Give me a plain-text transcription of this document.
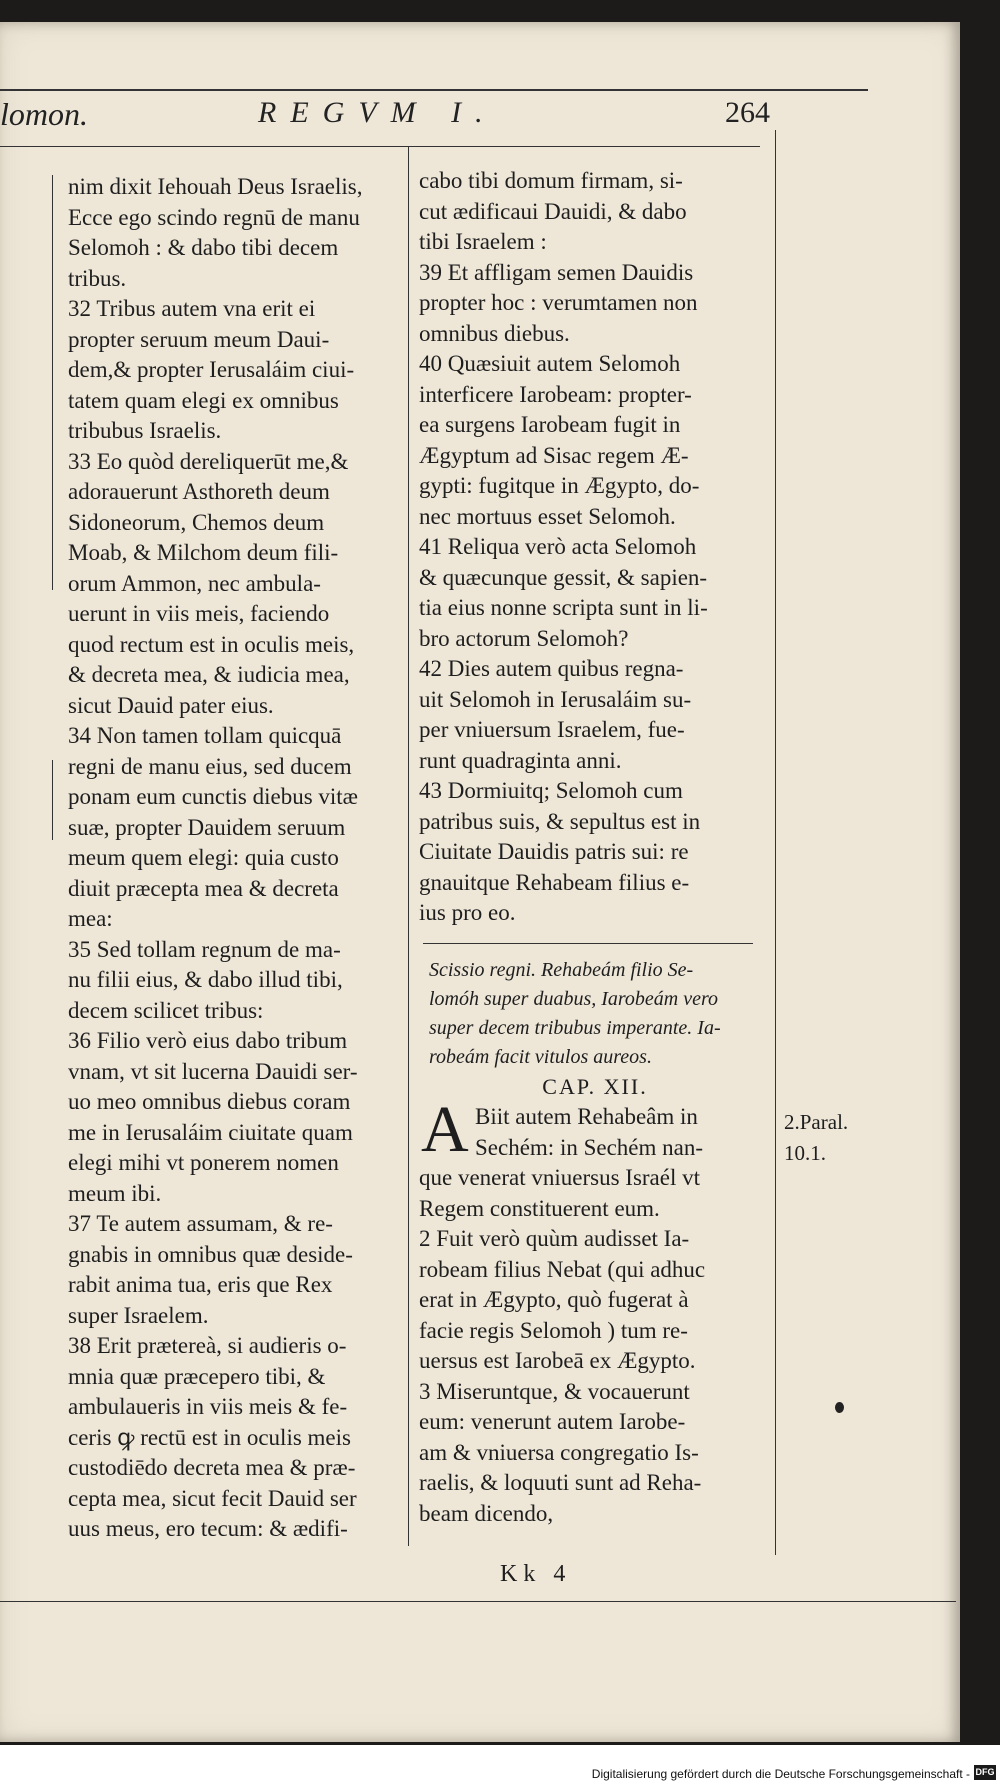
lomon.	REGVM I.	264
nim dixit Iehouah Deus Israelis,
Ecce ego scindo regnū de manu
Selomoh : & dabo tibi decem
tribus.
32 Tribus autem vna erit ei
propter seruum meum Daui-
dem,& propter Ierusaláim ciui-
tatem quam elegi ex omnibus
tribubus Israelis.
33 Eo quòd dereliquerūt me,&
adorauerunt Asthoreth deum
Sidoneorum, Chemos deum
Moab, & Milchom deum fili-
orum Ammon, nec ambula-
uerunt in viis meis, faciendo
quod rectum est in oculis meis,
& decreta mea, & iudicia mea,
sicut Dauid pater eius.
34 Non tamen tollam quicquā
regni de manu eius, sed ducem
ponam eum cunctis diebus vitæ
suæ, propter Dauidem seruum
meum quem elegi: quia custo
diuit præcepta mea & decreta
mea:
35 Sed tollam regnum de ma-
nu filii eius, & dabo illud tibi,
decem scilicet tribus:
36 Filio verò eius dabo tribum
vnam, vt sit lucerna Dauidi ser-
uo meo omnibus diebus coram
me in Ierusaláim ciuitate quam
elegi mihi vt ponerem nomen
meum ibi.
37 Te autem assumam, & re-
gnabis in omnibus quæ deside-
rabit anima tua, eris que Rex
super Israelem.
38 Erit prætereà, si audieris o-
mnia quæ præcepero tibi, &
ambulaueris in viis meis & fe-
ceris ꝙ rectū est in oculis meis
custodiēdo decreta mea & præ-
cepta mea, sicut fecit Dauid ser
uus meus, ero tecum: & ædifi-
cabo tibi domum firmam, si-
cut ædificaui Dauidi, & dabo
tibi Israelem :
39 Et affligam semen Dauidis
propter hoc : verumtamen non
omnibus diebus.
40 Quæsiuit autem Selomoh
interficere Iarobeam: propter-
ea surgens Iarobeam fugit in
Ægyptum ad Sisac regem Æ-
gypti: fugitque in Ægypto, do-
nec mortuus esset Selomoh.
41 Reliqua verò acta Selomoh
& quæcunque gessit, & sapien-
tia eius nonne scripta sunt in li-
bro actorum Selomoh?
42 Dies autem quibus regna-
uit Selomoh in Ierusaláim su-
per vniuersum Israelem, fue-
runt quadraginta anni.
43 Dormiuitq; Selomoh cum
patribus suis, & sepultus est in
Ciuitate Dauidis patris sui: re
gnauitque Rehabeam filius e-
ius pro eo.
Scissio regni. Rehabeám filio Se-
lomóh super duabus, Iarobeám vero
super decem tribubus imperante. Ia-
robeám facit vitulos aureos.
CAP. XII.
A Biit autem Rehabeâm in
Sechém: in Sechém nan-
que venerat vniuersus Israél vt
Regem constituerent eum.
2 Fuit verò quùm audisset Ia-
robeam filius Nebat (qui adhuc
erat in Ægypto, quò fugerat à
facie regis Selomoh ) tum re-
uersus est Iarobeā ex Ægypto.
3 Miseruntque, & vocauerunt
eum: venerunt autem Iarobe-
am & vniuersa congregatio Is-
raelis, & loquuti sunt ad Reha-
beam dicendo,
2.Paral.
10.1.
Kk 4
Digitalisierung gefördert durch die Deutsche Forschungsgemeinschaft - DFG
